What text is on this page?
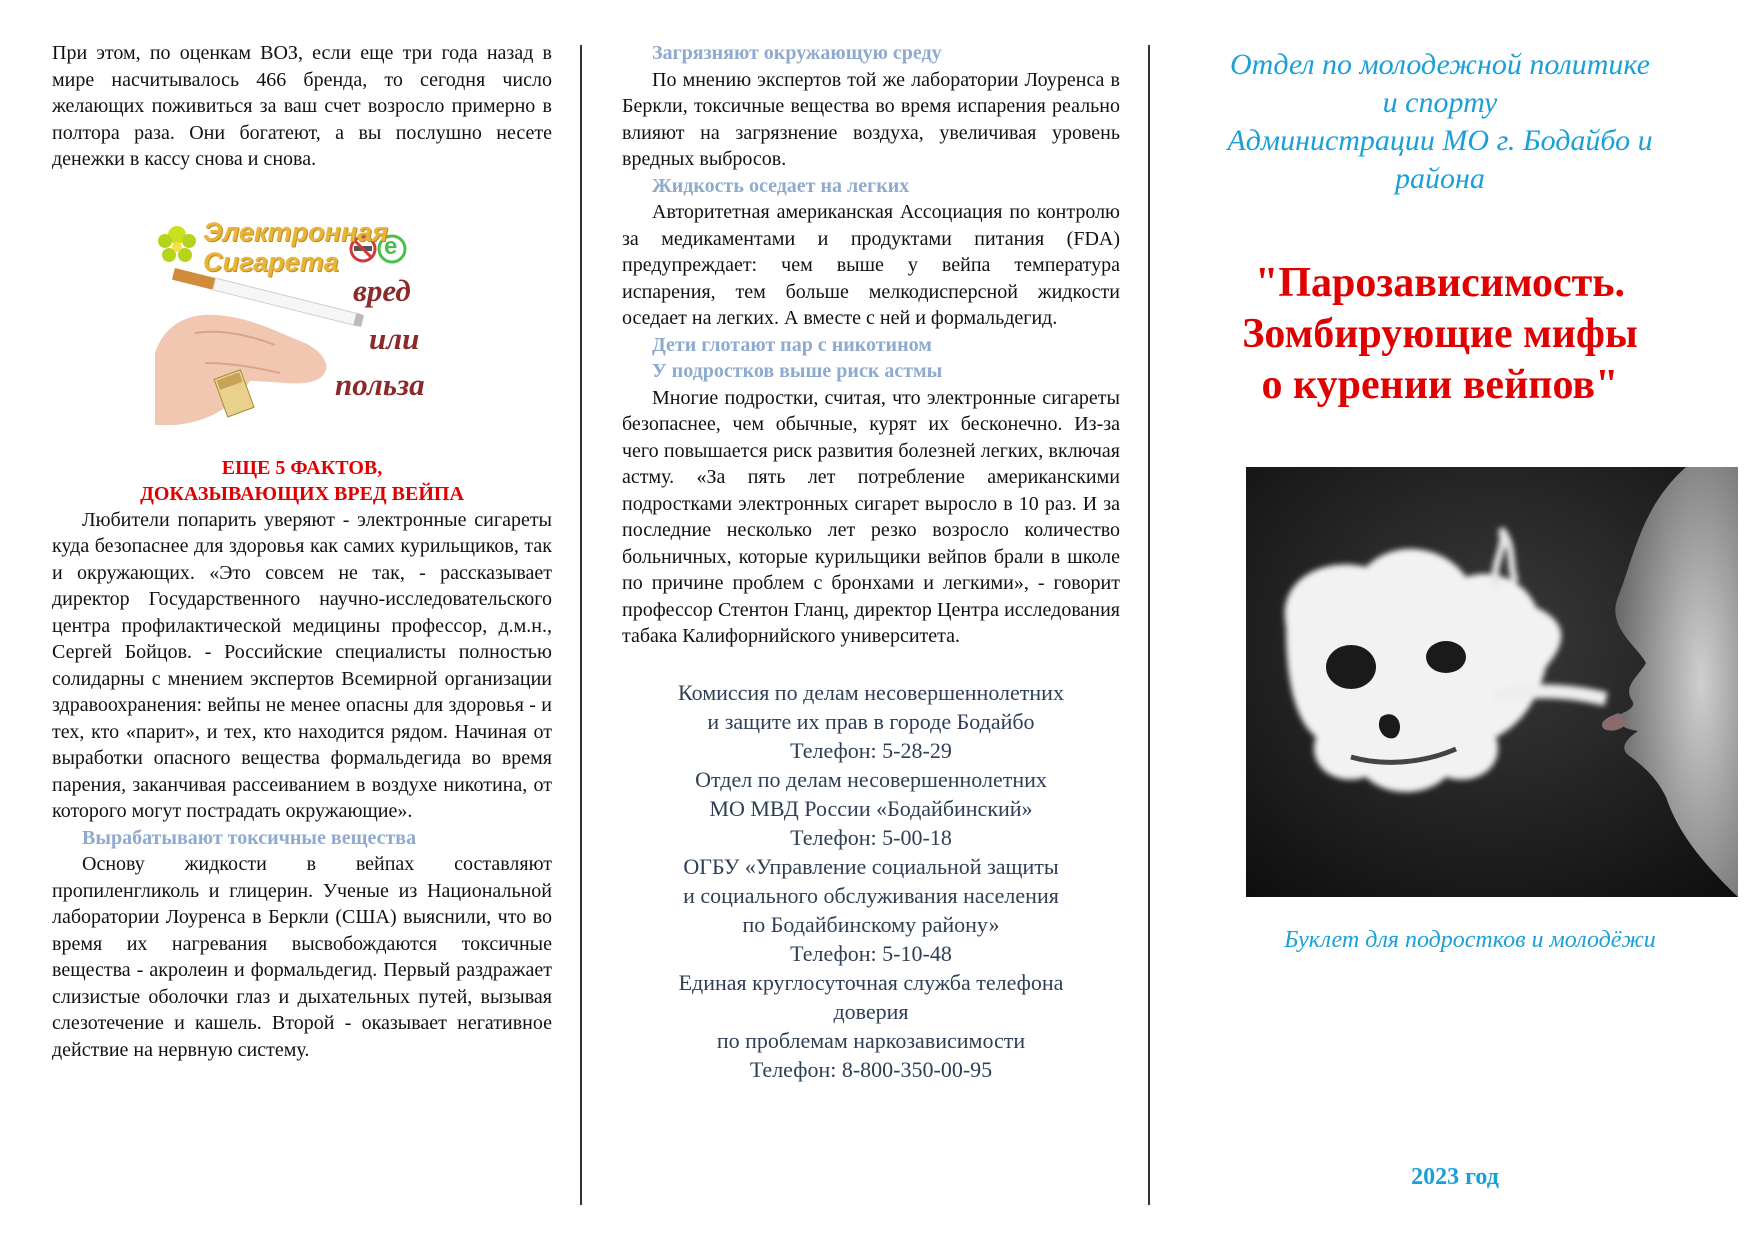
При этом, по оценкам ВОЗ, если еще три года назад в мире насчитывалось 466 бренда, то сегодня число желающих поживиться за ваш счет возросло примерно в полтора раза. Они богатеют, а вы послушно несете денежки в кассу снова и снова.

Электронная
Сигарета
e
вред
или
польза

ЕЩЕ 5 ФАКТОВ,

ДОКАЗЫВАЮЩИХ ВРЕД ВЕЙПА

Любители попарить уверяют - электронные сигареты куда безопаснее для здоровья как самих курильщиков, так и окружающих. «Это совсем не так, - рассказывает директор Государственного научно-исследовательского центра профилактической медицины профессор, д.м.н., Сергей Бойцов. - Российские специалисты полностью солидарны с мнением экспертов Всемирной организации здравоохранения: вейпы не менее опасны для здоровья - и тех, кто «парит», и тех, кто находится рядом. Начиная от выработки опасного вещества формальдегида во время парения, заканчивая рассеиванием в воздухе никотина, от которого могут пострадать окружающие».

Вырабатывают токсичные вещества

Основу жидкости в вейпах составляют пропиленгликоль и глицерин. Ученые из Национальной лаборатории Лоуренса в Беркли (США) выяснили, что во время их нагревания высвобождаются токсичные вещества - акролеин и формальдегид. Первый раздражает слизистые оболочки глаз и дыхательных путей, вызывая слезотечение и кашель. Второй - оказывает негативное действие на нервную систему.

Загрязняют окружающую среду

По мнению экспертов той же лаборатории Лоуренса в Беркли, токсичные вещества во время испарения реально влияют на загрязнение воздуха, увеличивая уровень вредных выбросов.

Жидкость оседает на легких

Авторитетная американская Ассоциация по контролю за медикаментами и продуктами питания (FDA) предупреждает: чем выше у вейпа температура испарения, тем больше мелкодисперсной жидкости оседает на легких. А вместе с ней и формальдегид.

Дети глотают пар с никотином

У подростков выше риск астмы

Многие подростки, считая, что электронные сигареты безопаснее, чем обычные, курят их бесконечно. Из-за чего повышается риск развития болезней легких, включая астму. «За пять лет потребление американскими подростками электронных сигарет выросло в 10 раз. И за последние несколько лет резко возросло количество больничных, которые курильщики вейпов брали в школе по причине проблем с бронхами и легкими», - говорит профессор Стентон Гланц, директор Центра исследования табака Калифорнийского университета.

Комиссия по делам несовершеннолетних
и защите их прав в городе Бодайбо
Телефон: 5-28-29
Отдел по делам несовершеннолетних
МО МВД России «Бодайбинский»
Телефон: 5-00-18
ОГБУ «Управление социальной защиты
и социального обслуживания населения
по Бодайбинскому району»
Телефон: 5-10-48
Единая круглосуточная служба телефона
доверия
по проблемам наркозависимости
Телефон: 8-800-350-00-95

Отдел по молодежной политике

и спорту

Администрации МО г. Бодайбо и

района

"Парозависимость.

Зомбирующие мифы

о курении вейпов"

Буклет для подростков и молодёжи

2023 год
